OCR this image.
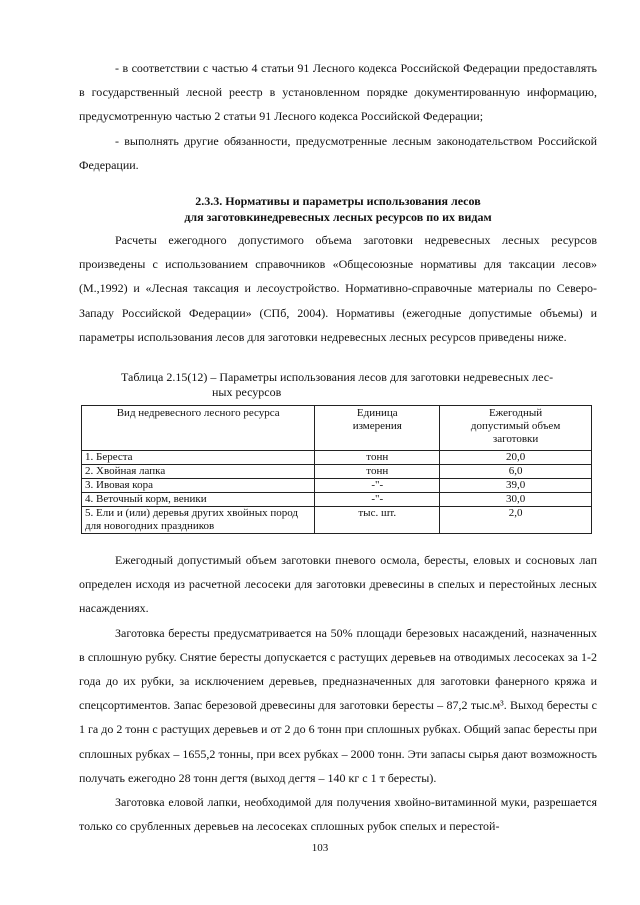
- в соответствии с частью 4 статьи 91 Лесного кодекса Российской Федерации предоставлять в государственный лесной реестр в установленном порядке документированную информацию, предусмотренную частью 2 статьи 91 Лесного кодекса Российской Федерации;

- выполнять другие обязанности, предусмотренные лесным законодательством Российской Федерации.

2.3.3. Нормативы и параметры использования лесов
для заготовкинедревесных лесных ресурсов по их видам

Расчеты ежегодного допустимого объема заготовки недревесных лесных ресурсов произведены с использованием справочников «Общесоюзные нормативы для таксации лесов» (М.,1992) и «Лесная таксация и лесоустройство. Нормативно-справочные материалы по Северо-Западу Российской Федерации» (СПб, 2004). Нормативы (ежегодные допустимые объемы) и параметры использования лесов для заготовки недревесных лесных ресурсов приведены ниже.

Таблица 2.15(12) – Параметры использования лесов для заготовки недревесных лес-
ных ресурсов
Вид недревесного лесного ресурса	Единица измерения	Ежегодный допустимый объем заготовки

1. Береста	тонн	20,0
2. Хвойная лапка	тонн	6,0
3. Ивовая кора	-"-	39,0
4. Веточный корм, веники	-"-	30,0
5. Ели и (или) деревья других хвойных пород для новогодних праздников	тыс. шт.	2,0

Ежегодный допустимый объем заготовки пневого осмола, бересты, еловых и сосновых лап определен исходя из расчетной лесосеки для заготовки древесины в спелых и перестойных лесных насаждениях.

Заготовка бересты предусматривается на 50% площади березовых насаждений, назначенных в сплошную рубку. Снятие бересты допускается с растущих деревьев на отводимых лесосеках за 1-2 года до их рубки, за исключением деревьев, предназначенных для заготовки фанерного кряжа и спецсортиментов. Запас березовой древесины для заготовки бересты – 87,2 тыс.м³. Выход бересты с 1 га до 2 тонн с растущих деревьев и от 2 до 6 тонн при сплошных рубках. Общий запас бересты при сплошных рубках – 1655,2 тонны, при всех рубках – 2000 тонн. Эти запасы сырья дают возможность получать ежегодно 28 тонн дегтя (выход дегтя – 140 кг с 1 т бересты).

Заготовка еловой лапки, необходимой для получения хвойно-витаминной муки, разрешается только со срубленных деревьев на лесосеках сплошных рубок спелых и перестой-

103
